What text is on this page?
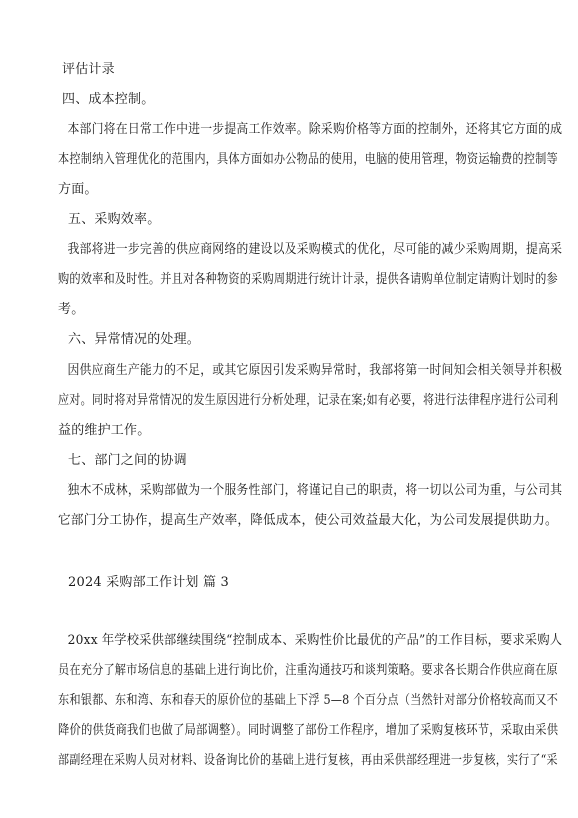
评估计录
四、成本控制。
本部门将在日常工作中进一步提高工作效率。除采购价格等方面的控制外，还将其它方面的成
本控制纳入管理优化的范围内，具体方面如办公物品的使用，电脑的使用管理，物资运输费的控制等
方面。
五、采购效率。
我部将进一步完善的供应商网络的建设以及采购模式的优化，尽可能的减少采购周期，提高采
购的效率和及时性。并且对各种物资的采购周期进行统计计录，提供各请购单位制定请购计划时的参
考。
六、异常情况的处理。
因供应商生产能力的不足，或其它原因引发采购异常时，我部将第一时间知会相关领导并积极
应对。同时将对异常情况的发生原因进行分析处理，记录在案;如有必要，将进行法律程序进行公司利
益的维护工作。
七、部门之间的协调
独木不成林，采购部做为一个服务性部门，将谨记自己的职责，将一切以公司为重，与公司其
它部门分工协作，提高生产效率，降低成本，使公司效益最大化，为公司发展提供助力。
2024 采购部工作计划 篇 3
20xx 年学校采供部继续围绕“控制成本、采购性价比最优的产品”的工作目标，要求采购人
员在充分了解市场信息的基础上进行询比价，注重沟通技巧和谈判策略。要求各长期合作供应商在原
东和银都、东和湾、东和春天的原价位的基础上下浮 5—8 个百分点（当然针对部分价格较高而又不
降价的供货商我们也做了局部调整）。同时调整了部份工作程序，增加了采购复核环节，采取由采供
部副经理在采购人员对材料、设备询比价的基础上进行复核，再由采供部经理进一步复核，实行了“采
